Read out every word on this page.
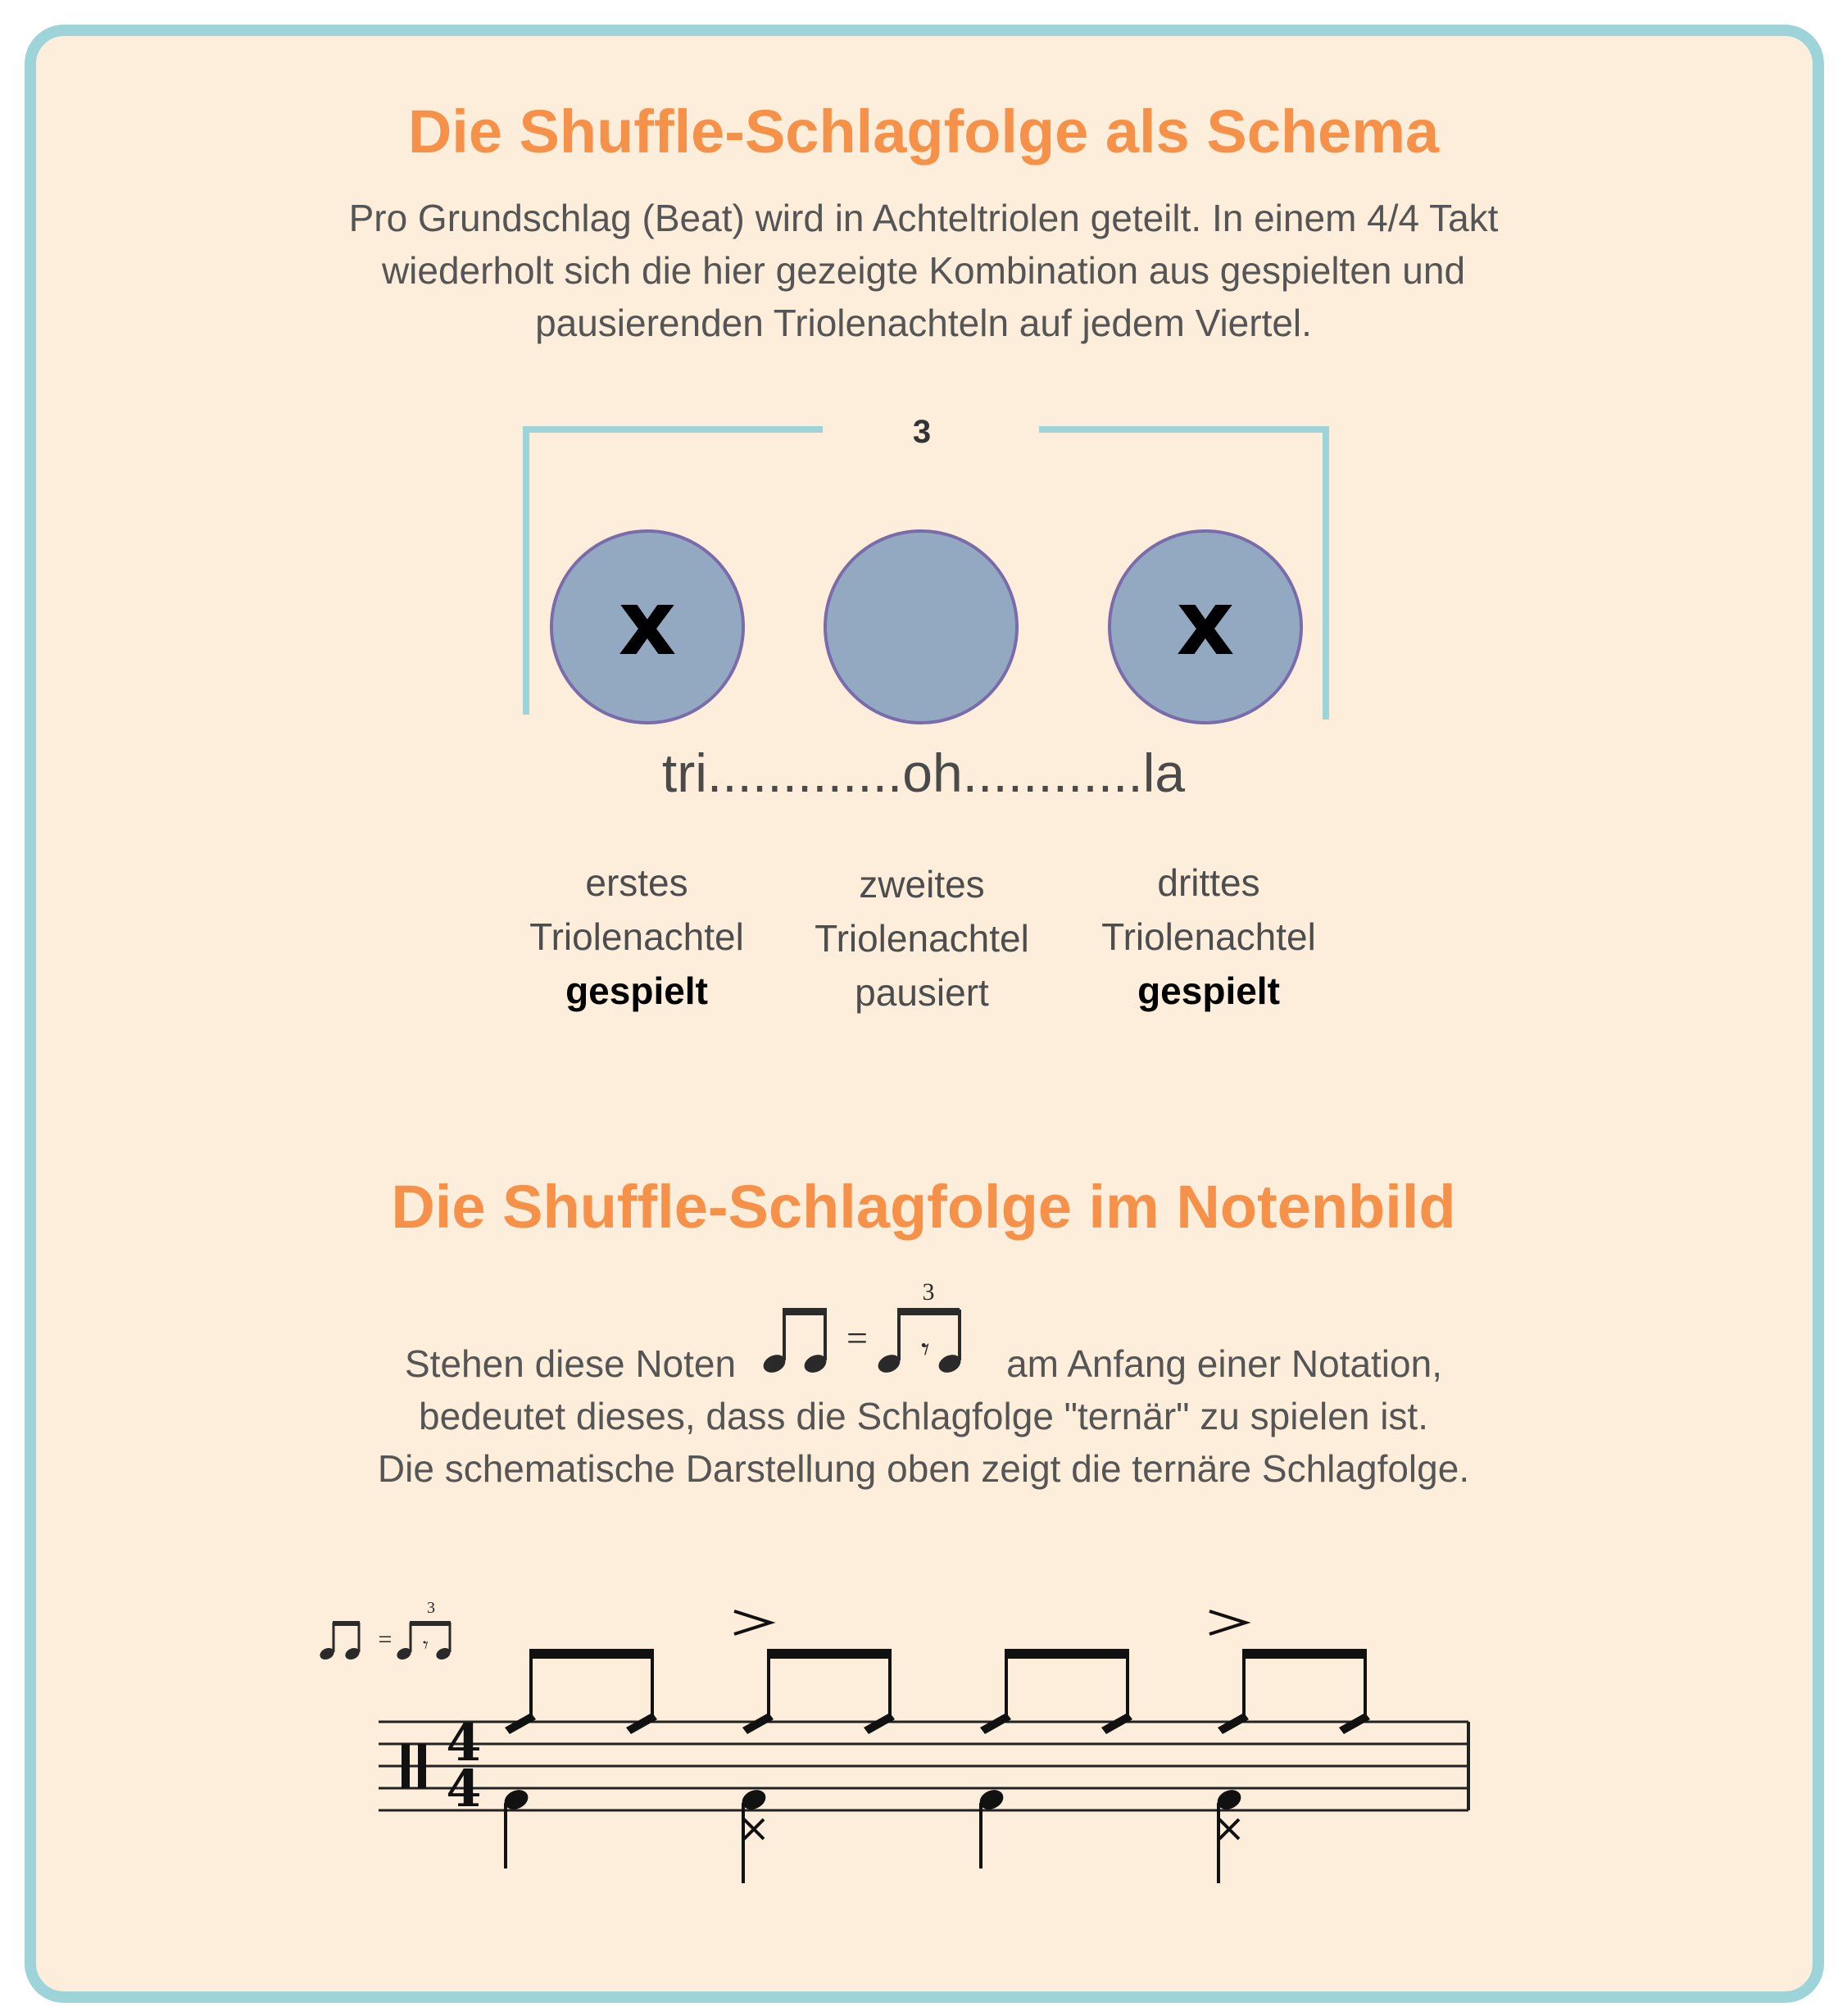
Die Shuffle-Schlagfolge als Schema

Pro Grundschlag (Beat) wird in Achteltriolen geteilt. In einem 4/4 Takt
wiederholt sich die hier gezeigte Kombination aus gespielten und
pausierenden Triolenachteln auf jedem Viertel.

3
x	x

tri.............oh............la

erstes
Triolenachtel
gespielt
zweites
Triolenachtel
pausiert
drittes
Triolenachtel
gespielt
Die Shuffle-Schlagfolge im Notenbild
Stehen diese Noten	am Anfang einer Notation,

bedeutet dieses, dass die Schlagfolge "ternär" zu spielen ist.
Die schematische Darstellung oben zeigt die ternäre Schlagfolge.

= 𝄾
3
= 𝄾
3
4
4
